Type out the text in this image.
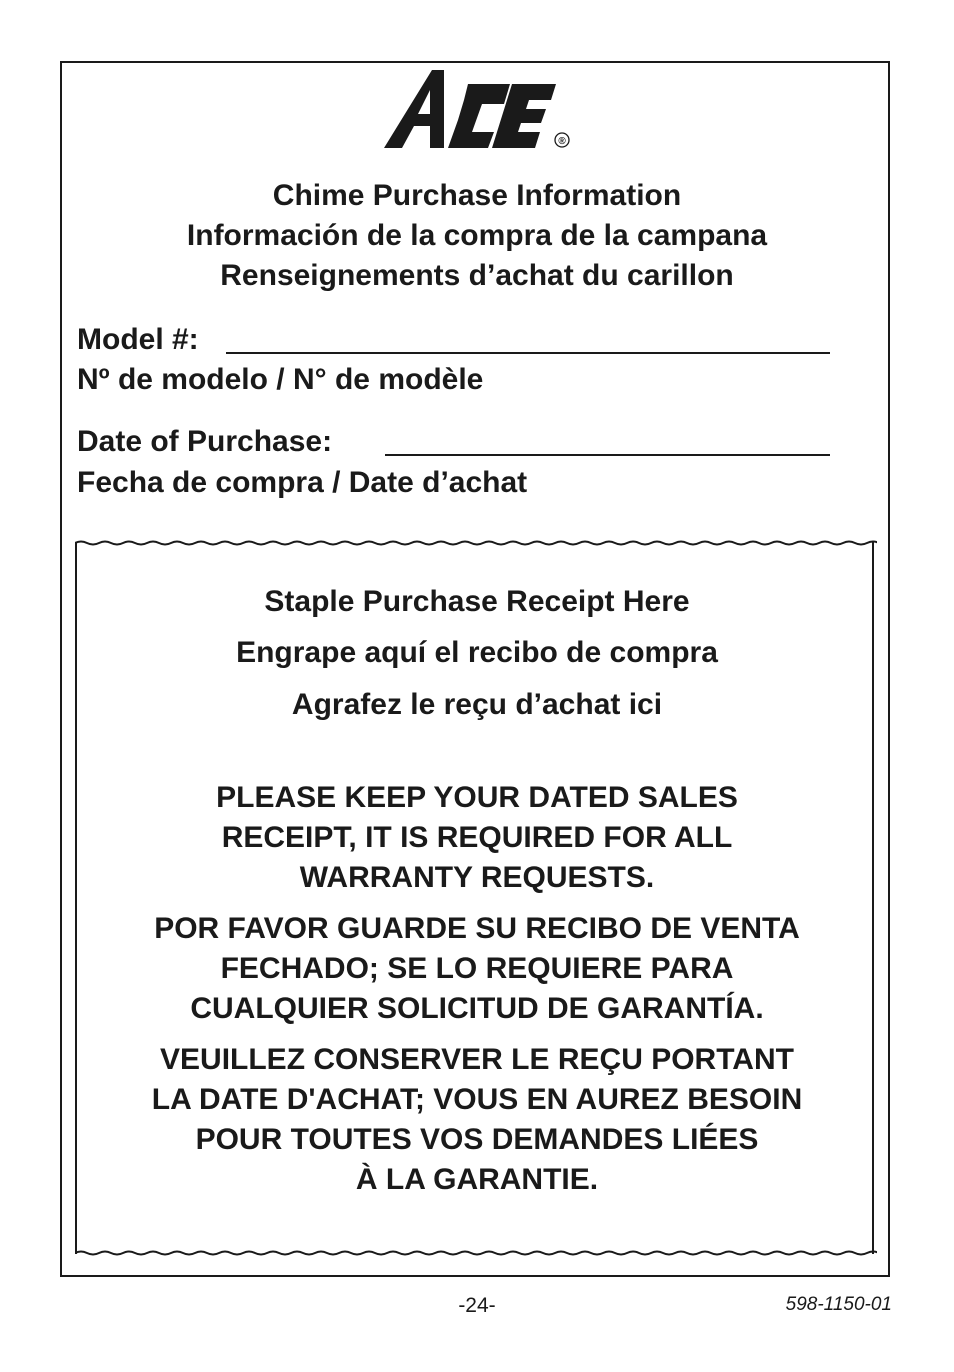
®
Chime Purchase Information
Información de la compra de la campana
Renseignements d’achat du carillon
Model #:
Nº de modelo / N° de modèle
Date of Purchase:
Fecha de compra / Date d’achat
Staple Purchase Receipt Here
Engrape aquí el recibo de compra
Agrafez le reçu d’achat ici
PLEASE KEEP YOUR DATED SALES
RECEIPT, IT IS REQUIRED FOR ALL
WARRANTY REQUESTS.
POR FAVOR GUARDE SU RECIBO DE VENTA
FECHADO; SE LO REQUIERE PARA
CUALQUIER SOLICITUD DE GARANTÍA.
VEUILLEZ CONSERVER LE REÇU PORTANT
LA DATE D'ACHAT; VOUS EN AUREZ BESOIN
POUR TOUTES VOS DEMANDES LIÉES
À LA GARANTIE.
-24-	598-1150-01
